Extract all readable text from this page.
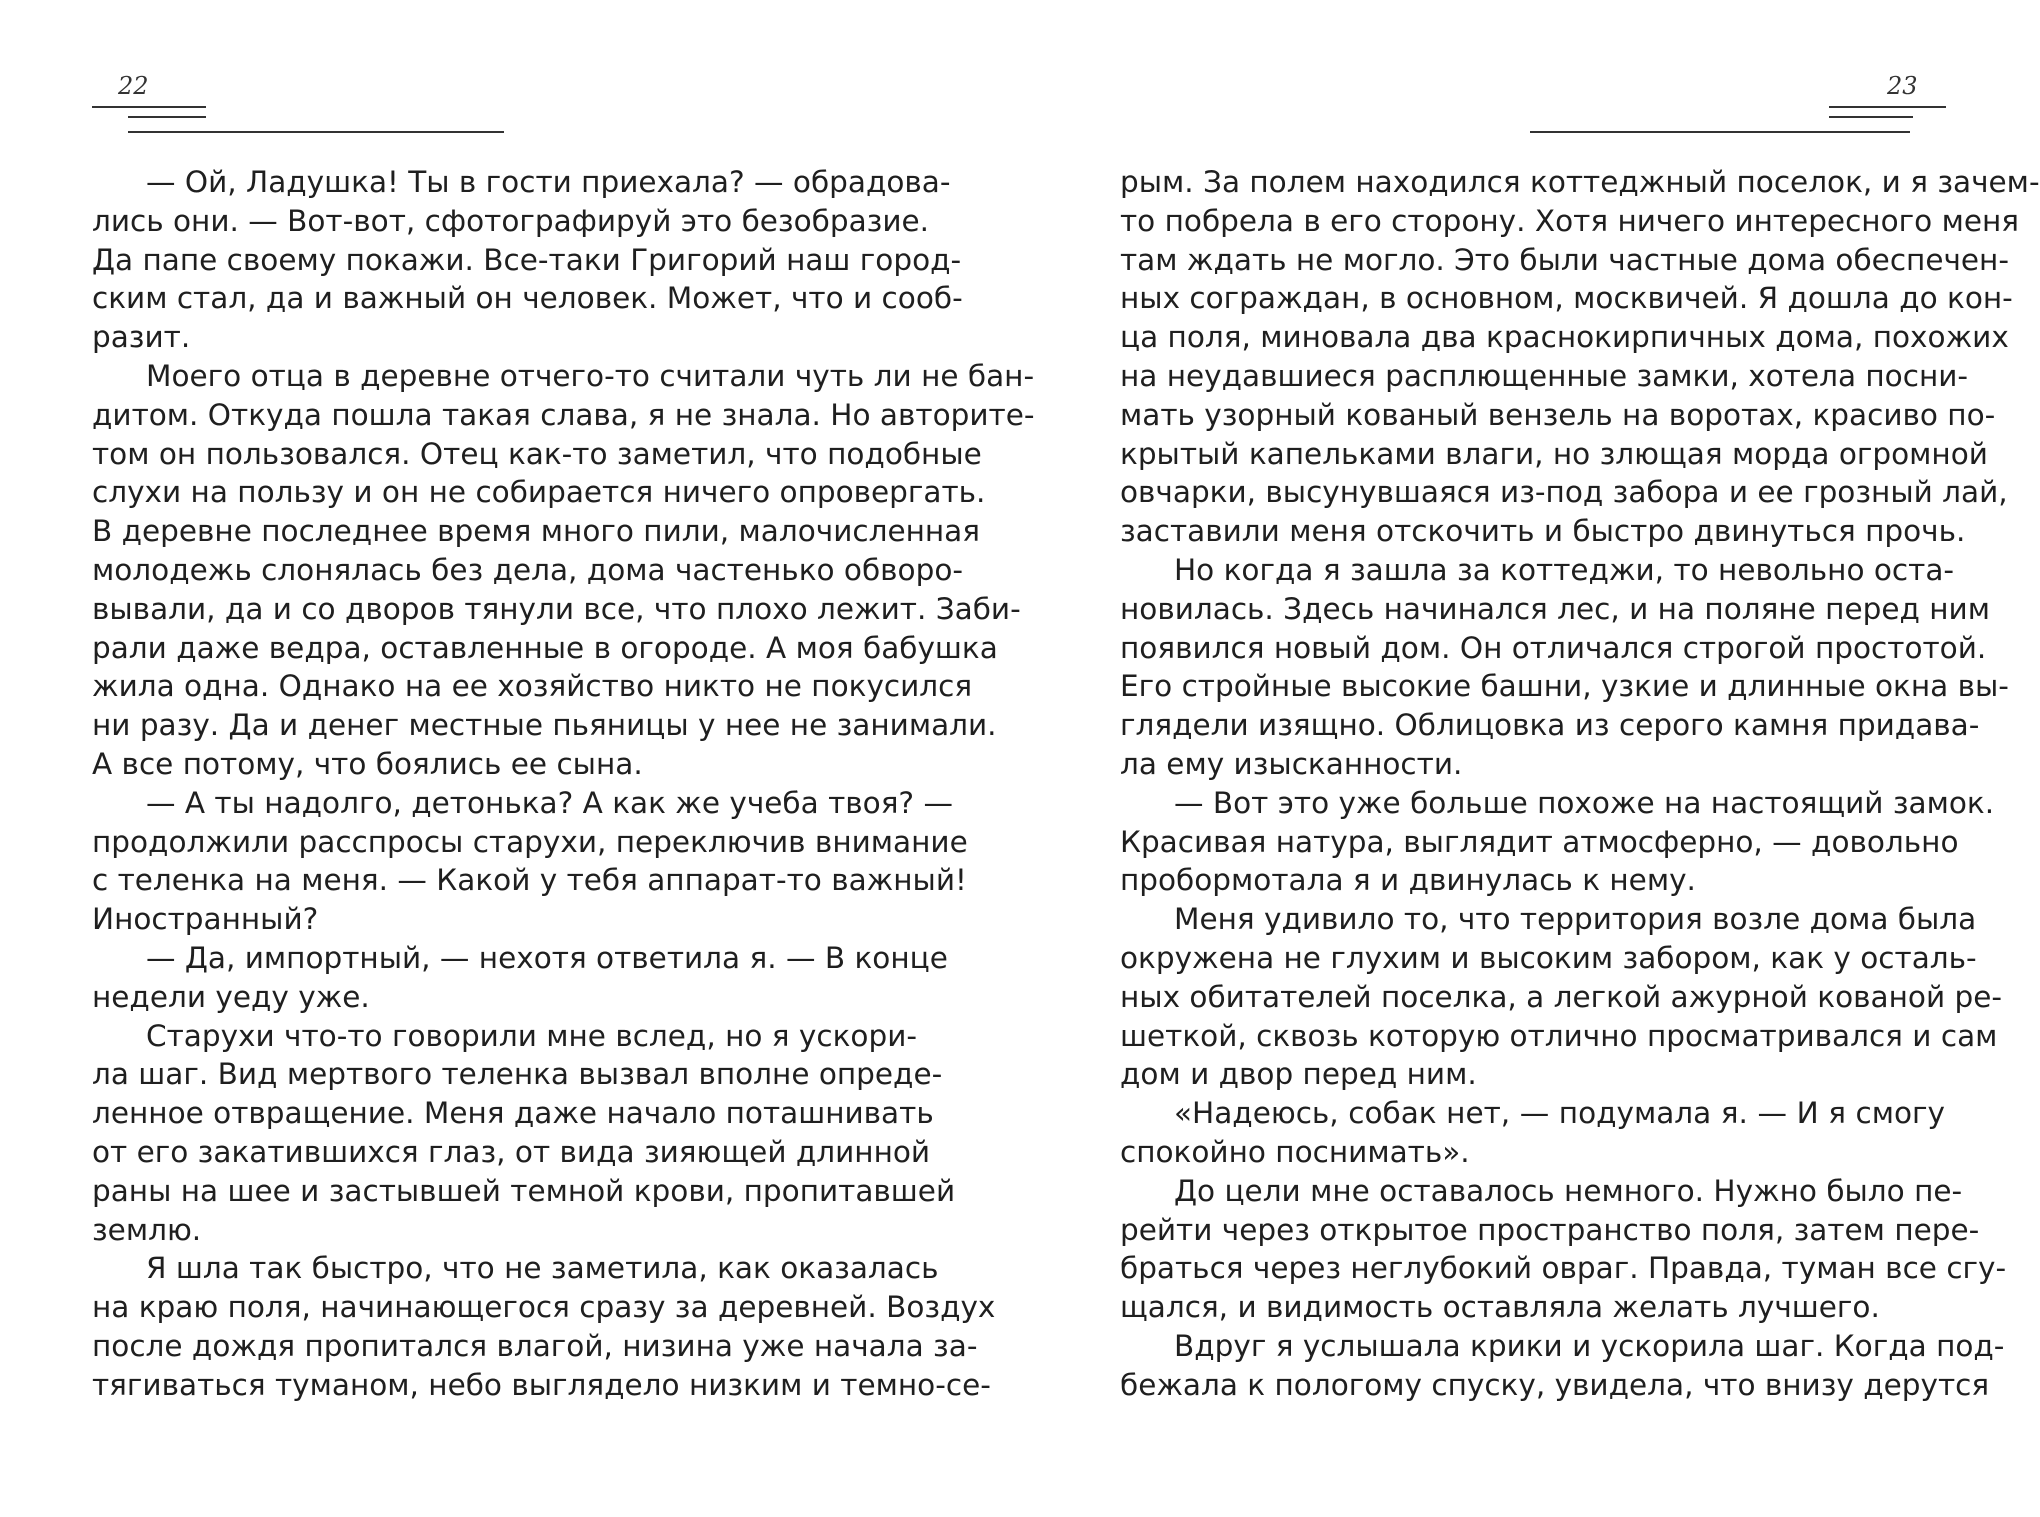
22
— Ой, Ладушка! Ты в гости приехала? — обрадова-
лись они. — Вот-вот, сфотографируй это безобразие.
Да папе своему покажи. Все-таки Григорий наш город-
ским стал, да и важный он человек. Может, что и сооб-
разит.
Моего отца в деревне отчего-то считали чуть ли не бан-
дитом. Откуда пошла такая слава, я не знала. Но авторите-
том он пользовался. Отец как-то заметил, что подобные
слухи на пользу и он не собирается ничего опровергать.
В деревне последнее время много пили, малочисленная
молодежь слонялась без дела, дома частенько обворо-
вывали, да и со дворов тянули все, что плохо лежит. Заби-
рали даже ведра, оставленные в огороде. А моя бабушка
жила одна. Однако на ее хозяйство никто не покусился
ни разу. Да и денег местные пьяницы у нее не занимали.
А все потому, что боялись ее сына.
— А ты надолго, детонька? А как же учеба твоя? —
продолжили расспросы старухи, переключив внимание
с теленка на меня. — Какой у тебя аппарат-то важный!
Иностранный?
— Да, импортный, — нехотя ответила я. — В конце
недели уеду уже.
Старухи что-то говорили мне вслед, но я ускори-
ла шаг. Вид мертвого теленка вызвал вполне опреде-
ленное отвращение. Меня даже начало поташнивать
от его закатившихся глаз, от вида зияющей длинной
раны на шее и застывшей темной крови, пропитавшей
землю.
Я шла так быстро, что не заметила, как оказалась
на краю поля, начинающегося сразу за деревней. Воздух
после дождя пропитался влагой, низина уже начала за-
тягиваться туманом, небо выглядело низким и темно-се-
23
рым. За полем находился коттеджный поселок, и я зачем-
то побрела в его сторону. Хотя ничего интересного меня
там ждать не могло. Это были частные дома обеспечен-
ных сограждан, в основном, москвичей. Я дошла до кон-
ца поля, миновала два краснокирпичных дома, похожих
на неудавшиеся расплющенные замки, хотела посни-
мать узорный кованый вензель на воротах, красиво по-
крытый капельками влаги, но злющая морда огромной
овчарки, высунувшаяся из-под забора и ее грозный лай,
заставили меня отскочить и быстро двинуться прочь.
Но когда я зашла за коттеджи, то невольно оста-
новилась. Здесь начинался лес, и на поляне перед ним
появился новый дом. Он отличался строгой простотой.
Его стройные высокие башни, узкие и длинные окна вы-
глядели изящно. Облицовка из серого камня придава-
ла ему изысканности.
— Вот это уже больше похоже на настоящий замок.
Красивая натура, выглядит атмосферно, — довольно
пробормотала я и двинулась к нему.
Меня удивило то, что территория возле дома была
окружена не глухим и высоким забором, как у осталь-
ных обитателей поселка, а легкой ажурной кованой ре-
шеткой, сквозь которую отлично просматривался и сам
дом и двор перед ним.
«Надеюсь, собак нет, — подумала я. — И я смогу
спокойно поснимать».
До цели мне оставалось немного. Нужно было пе-
рейти через открытое пространство поля, затем пере-
браться через неглубокий овраг. Правда, туман все сгу-
щался, и видимость оставляла желать лучшего.
Вдруг я услышала крики и ускорила шаг. Когда под-
бежала к пологому спуску, увидела, что внизу дерутся
